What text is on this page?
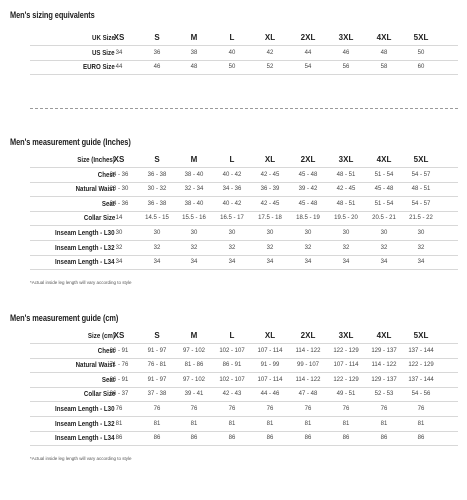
Men's sizing equivalents
UK Size
XS	S	M	L	XL	2XL	3XL	4XL	5XL
US Size 34	36	38	40	42	44	46	48	50
EURO Size 44	46	48	50	52	54	56	58	60
Men's measurement guide (Inches)
Size (Inches)
XS	S	M	L	XL	2XL	3XL	4XL	5XL
Chest
34 - 36	36 - 38	38 - 40	40 - 42	42 - 45	45 - 48	48 - 51	51 - 54	54 - 57
Natural Waist
28 - 30	30 - 32	32 - 34	34 - 36	36 - 39	39 - 42	42 - 45	45 - 48	48 - 51
Seat
34 - 36	36 - 38	38 - 40	40 - 42	42 - 45	45 - 48	48 - 51	51 - 54	54 - 57
Collar Size 14	14.5 - 15	15.5 - 16	16.5 - 17	17.5 - 18	18.5 - 19	19.5 - 20	20.5 - 21	21.5 - 22
Inseam Length - L30 30	30	30	30	30	30	30	30	30
Inseam Length - L32 32	32	32	32	32	32	32	32	32
Inseam Length - L34 34	34	34	34	34	34	34	34	34
*Actual inside leg length will vary according to style
Men's measurement guide (cm)
Size (cm)
XS	S	M	L	XL	2XL	3XL	4XL	5XL
Chest
86 - 91	91 - 97	97 - 102	102 - 107	107 - 114	114 - 122	122 - 129	129 - 137	137 - 144
Natural Waist
71 - 76	76 - 81	81 - 86	86 - 91	91 - 99	99 - 107	107 - 114	114 - 122	122 - 129
Seat
86 - 91	91 - 97	97 - 102	102 - 107	107 - 114	114 - 122	122 - 129	129 - 137	137 - 144
Collar Size
36 - 37	37 - 38	39 - 41	42 - 43	44 - 46	47 - 48	49 - 51	52 - 53	54 - 56
Inseam Length - L30 76	76	76	76	76	76	76	76	76
Inseam Length - L32 81	81	81	81	81	81	81	81	81
Inseam Length - L34 86	86	86	86	86	86	86	86	86
*Actual inside leg length will vary according to style
